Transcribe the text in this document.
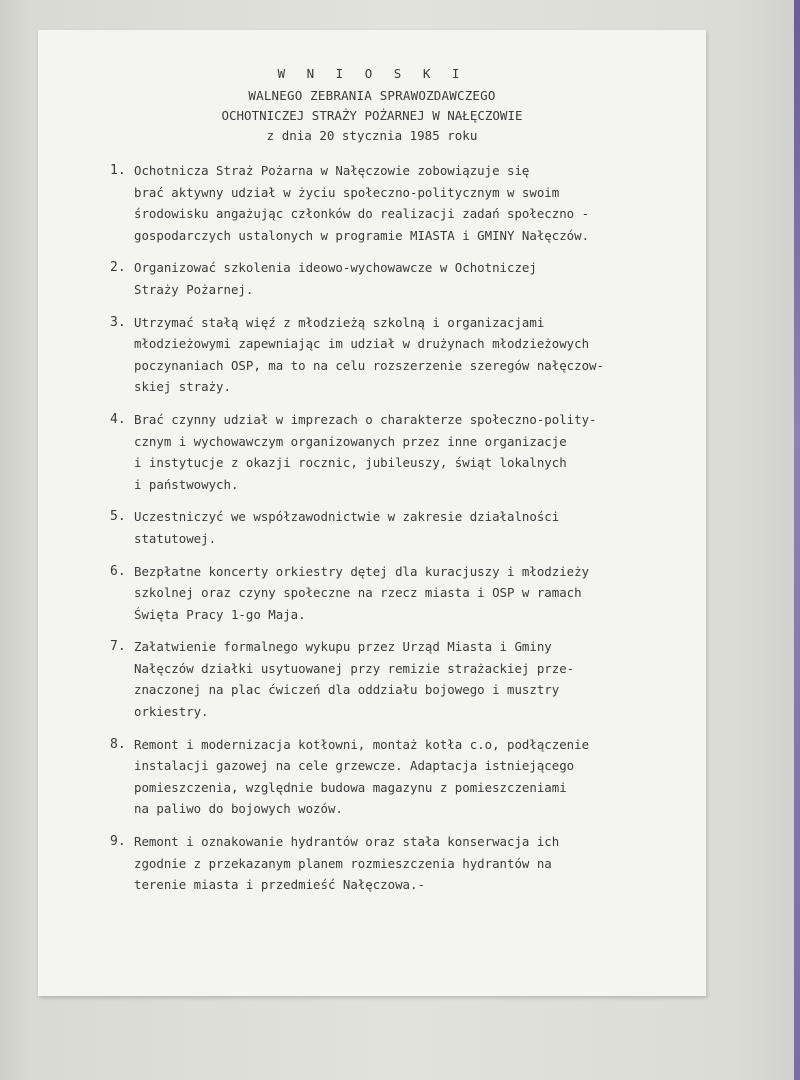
W N I O S K I
WALNEGO ZEBRANIA SPRAWOZDAWCZEGO
OCHOTNICZEJ STRAŻY POŻARNEJ W NAŁĘCZOWIE
z dnia 20 stycznia 1985 roku
1. Ochotnicza Straż Pożarna w Nałęczowie zobowiązuje się
brać aktywny udział w życiu społeczno-politycznym w swoim
środowisku angażując członków do realizacji zadań społeczno -
gospodarczych ustalonych w programie MIASTA i GMINY Nałęczów.
2. Organizować szkolenia ideowo-wychowawcze w Ochotniczej
Straży Pożarnej.
3. Utrzymać stałą więź z młodzieżą szkolną i organizacjami
młodzieżowymi zapewniając im udział w drużynach młodzieżowych
poczynaniach OSP, ma to na celu rozszerzenie szeregów nałęczow-
skiej straży.
4. Brać czynny udział w imprezach o charakterze społeczno-polity-
cznym i wychowawczym organizowanych przez inne organizacje
i instytucje z okazji rocznic, jubileuszy, świąt lokalnych
i państwowych.
5. Uczestniczyć we współzawodnictwie w zakresie działalności
statutowej.
6. Bezpłatne koncerty orkiestry dętej dla kuracjuszy i młodzieży
szkolnej oraz czyny społeczne na rzecz miasta i OSP w ramach
Święta Pracy 1-go Maja.
7. Załatwienie formalnego wykupu przez Urząd Miasta i Gminy
Nałęczów działki usytuowanej przy remizie strażackiej prze-
znaczonej na plac ćwiczeń dla oddziału bojowego i musztry
orkiestry.
8. Remont i modernizacja kotłowni, montaż kotła c.o, podłączenie
instalacji gazowej na cele grzewcze. Adaptacja istniejącego
pomieszczenia, względnie budowa magazynu z pomieszczeniami
na paliwo do bojowych wozów.
9. Remont i oznakowanie hydrantów oraz stała konserwacja ich
zgodnie z przekazanym planem rozmieszczenia hydrantów na
terenie miasta i przedmieść Nałęczowa.-
